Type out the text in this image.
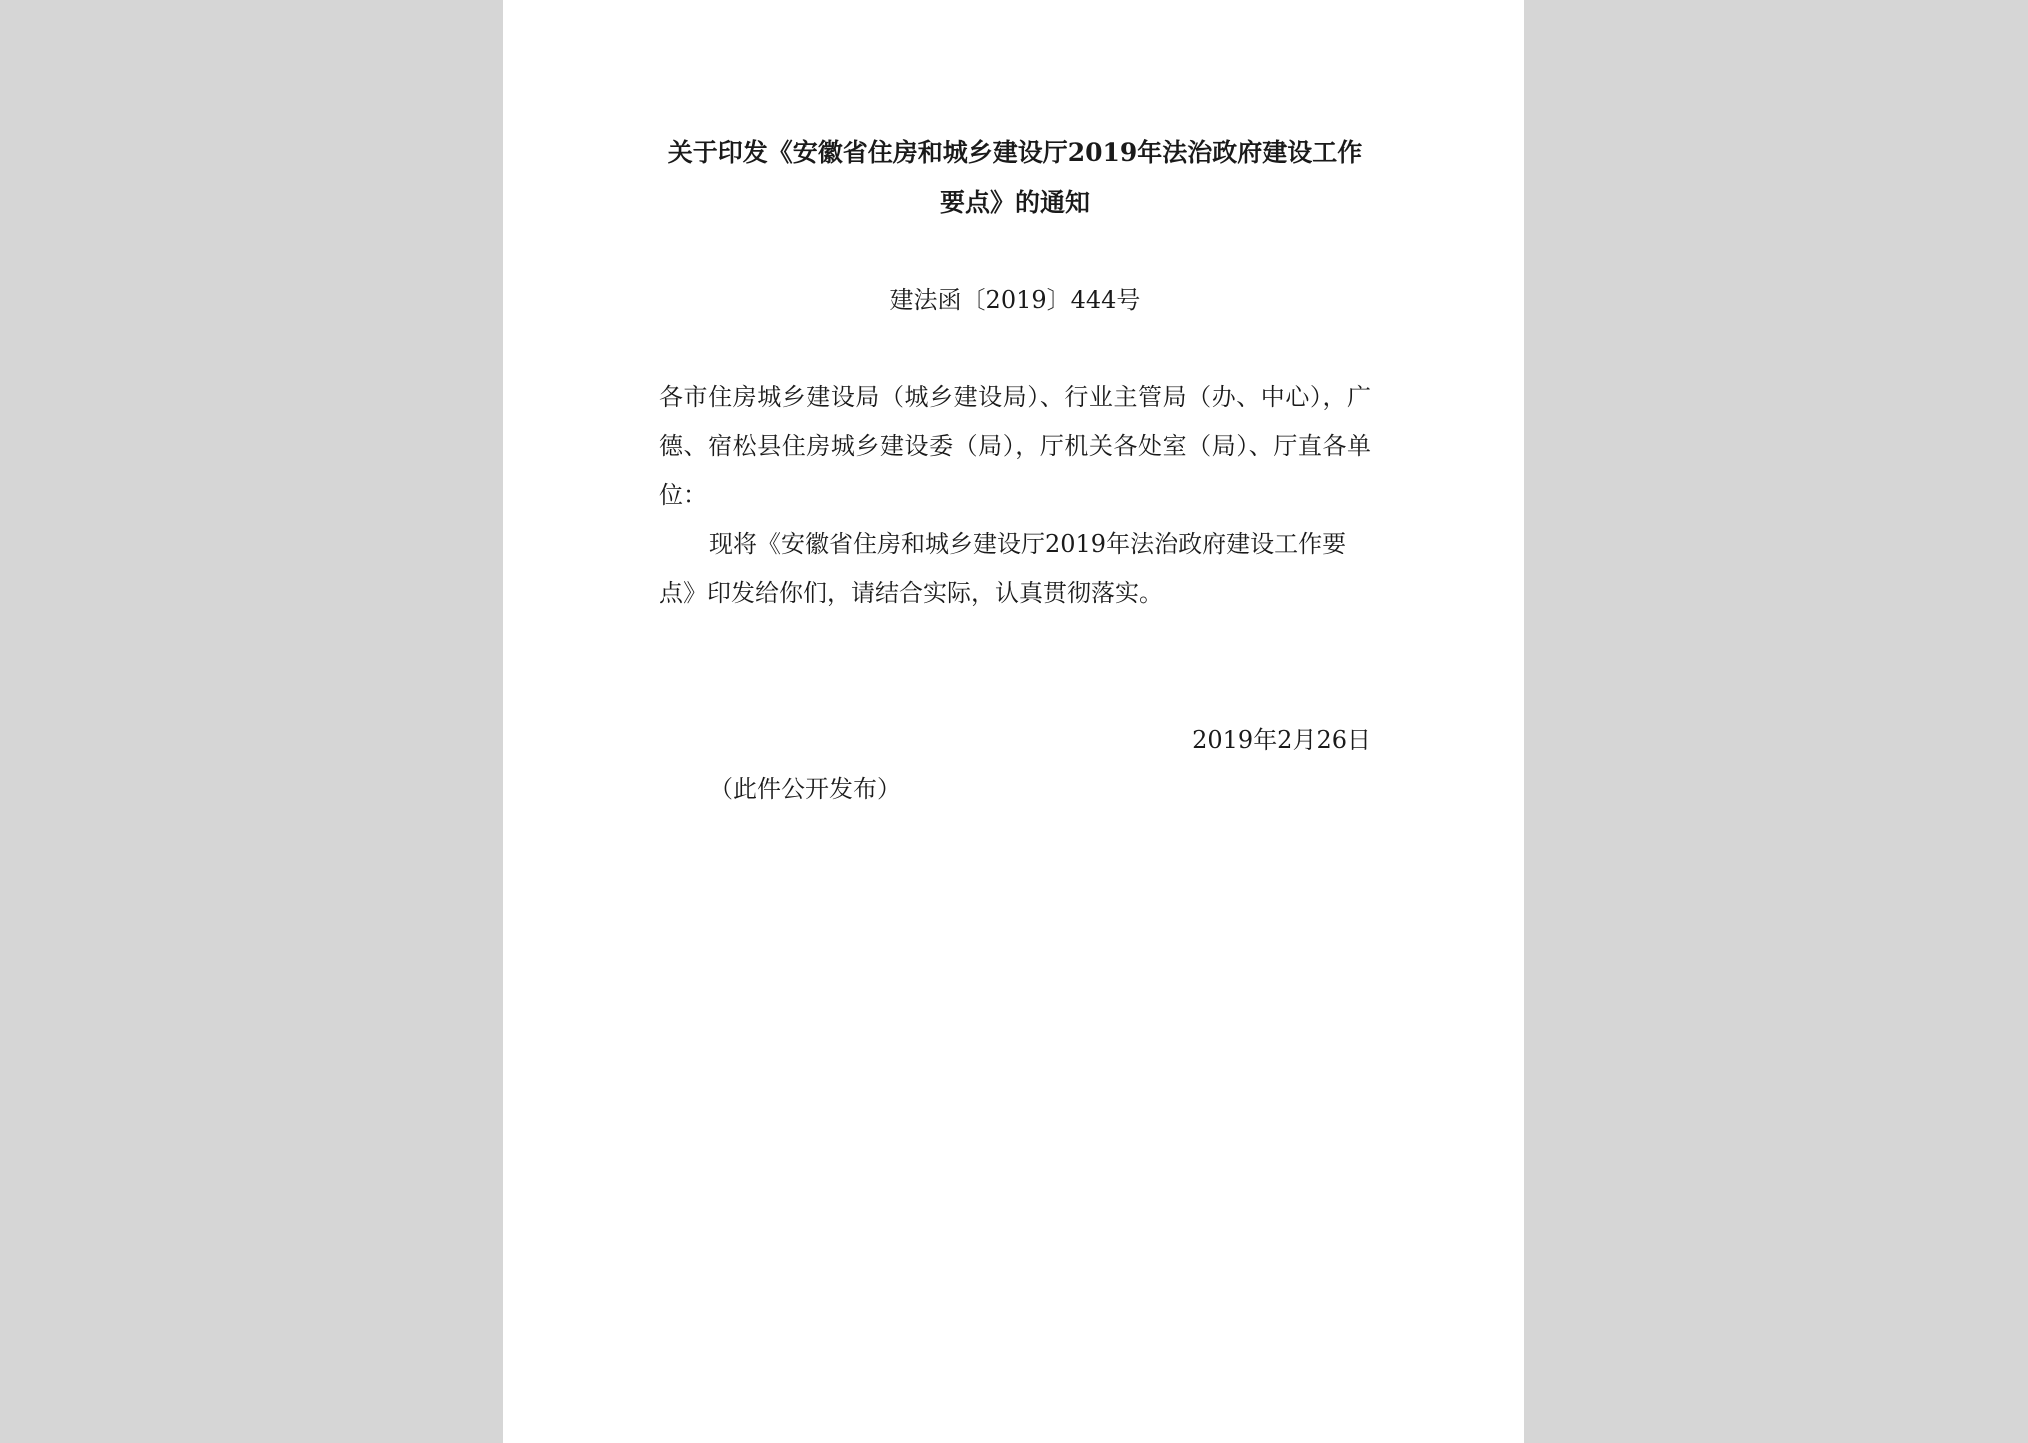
关于印发《安徽省住房和城乡建设厅2019年法治政府建设工作
要点》的通知

建法函〔2019〕444号

各市住房城乡建设局（城乡建设局）、行业主管局（办、中心），广德、宿松县住房城乡建设委（局），厅机关各处室（局）、厅直各单位：

现将《安徽省住房和城乡建设厅2019年法治政府建设工作要点》印发给你们，请结合实际，认真贯彻落实。

2019年2月26日

（此件公开发布）
